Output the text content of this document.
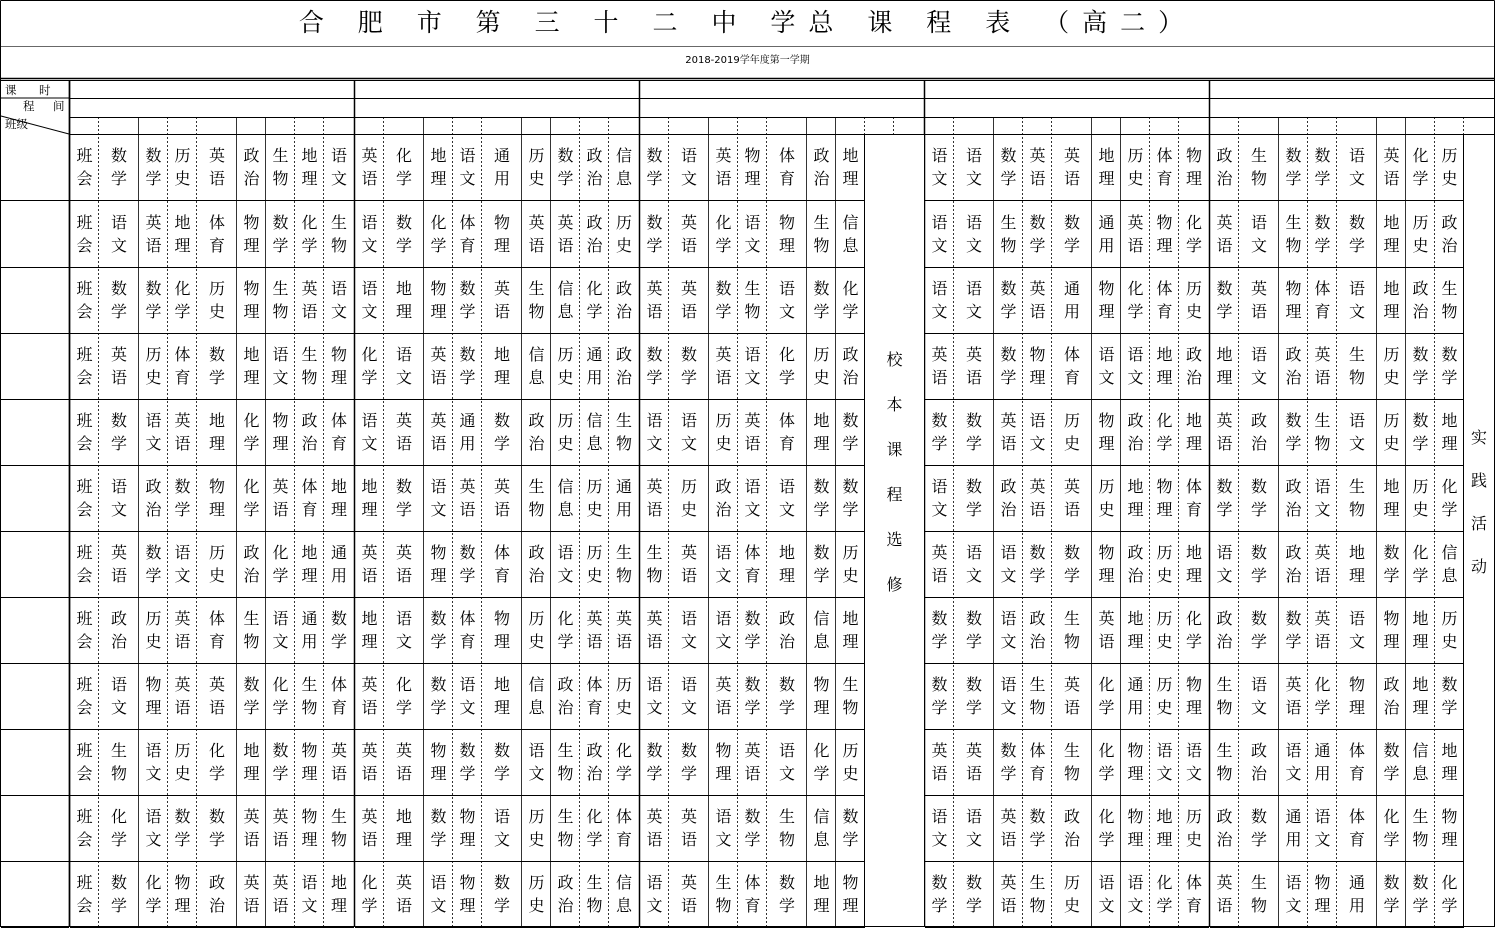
合 肥 市 第 三 十 二 中 学总 课 程 表 （高二）
2018-2019学年度第一学期
课 时
程 间
班级
班
会
数
学
数
学
历
史
英
语
政
治
生
物
地
理
语
文
英
语
化
学
地
理
语
文
通
用
历
史
数
学
政
治
信
息
数
学
语
文
英
语
物
理
体
育
政
治
地
理
语
文
语
文
数
学
英
语
英
语
地
理
历
史
体
育
物
理
政
治
生
物
数
学
数
学
语
文
英
语
化
学
历
史
班
会
语
文
英
语
地
理
体
育
物
理
数
学
化
学
生
物
语
文
数
学
化
学
体
育
物
理
英
语
英
语
政
治
历
史
数
学
英
语
化
学
语
文
物
理
生
物
信
息
语
文
语
文
生
物
数
学
数
学
通
用
英
语
物
理
化
学
英
语
语
文
生
物
数
学
数
学
地
理
历
史
政
治
班
会
数
学
数
学
化
学
历
史
物
理
生
物
英
语
语
文
语
文
地
理
物
理
数
学
英
语
生
物
信
息
化
学
政
治
英
语
英
语
数
学
生
物
语
文
数
学
化
学
语
文
语
文
数
学
英
语
通
用
物
理
化
学
体
育
历
史
数
学
英
语
物
理
体
育
语
文
地
理
政
治
生
物
班
会
英
语
历
史
体
育
数
学
地
理
语
文
生
物
物
理
化
学
语
文
英
语
数
学
地
理
信
息
历
史
通
用
政
治
数
学
数
学
英
语
语
文
化
学
历
史
政
治
英
语
英
语
数
学
物
理
体
育
语
文
语
文
地
理
政
治
地
理
语
文
政
治
英
语
生
物
历
史
数
学
数
学
班
会
数
学
语
文
英
语
地
理
化
学
物
理
政
治
体
育
语
文
英
语
英
语
通
用
数
学
政
治
历
史
信
息
生
物
语
文
语
文
历
史
英
语
体
育
地
理
数
学
数
学
数
学
英
语
语
文
历
史
物
理
政
治
化
学
地
理
英
语
政
治
数
学
生
物
语
文
历
史
数
学
地
理
班
会
语
文
政
治
数
学
物
理
化
学
英
语
体
育
地
理
地
理
数
学
语
文
英
语
英
语
生
物
信
息
历
史
通
用
英
语
历
史
政
治
语
文
语
文
数
学
数
学
语
文
数
学
政
治
英
语
英
语
历
史
地
理
物
理
体
育
数
学
数
学
政
治
语
文
生
物
地
理
历
史
化
学
班
会
英
语
数
学
语
文
历
史
政
治
化
学
地
理
通
用
英
语
英
语
物
理
数
学
体
育
政
治
语
文
历
史
生
物
生
物
英
语
语
文
体
育
地
理
数
学
历
史
英
语
语
文
语
文
数
学
数
学
物
理
政
治
历
史
地
理
语
文
数
学
政
治
英
语
地
理
数
学
化
学
信
息
班
会
政
治
历
史
英
语
体
育
生
物
语
文
通
用
数
学
地
理
语
文
数
学
体
育
物
理
历
史
化
学
英
语
英
语
英
语
语
文
语
文
数
学
政
治
信
息
地
理
数
学
数
学
语
文
政
治
生
物
英
语
地
理
历
史
化
学
政
治
数
学
数
学
英
语
语
文
物
理
地
理
历
史
班
会
语
文
物
理
英
语
英
语
数
学
化
学
生
物
体
育
英
语
化
学
数
学
语
文
地
理
信
息
政
治
体
育
历
史
语
文
语
文
英
语
数
学
数
学
物
理
生
物
数
学
数
学
语
文
生
物
英
语
化
学
通
用
历
史
物
理
生
物
语
文
英
语
化
学
物
理
政
治
地
理
数
学
班
会
生
物
语
文
历
史
化
学
地
理
数
学
物
理
英
语
英
语
英
语
物
理
数
学
数
学
语
文
生
物
政
治
化
学
数
学
数
学
物
理
英
语
语
文
化
学
历
史
英
语
英
语
数
学
体
育
生
物
化
学
物
理
语
文
语
文
生
物
政
治
语
文
通
用
体
育
数
学
信
息
地
理
班
会
化
学
语
文
数
学
数
学
英
语
英
语
物
理
生
物
英
语
地
理
数
学
物
理
语
文
历
史
生
物
化
学
体
育
英
语
英
语
语
文
数
学
生
物
信
息
数
学
语
文
语
文
英
语
数
学
政
治
化
学
物
理
地
理
历
史
政
治
数
学
通
用
语
文
体
育
化
学
生
物
物
理
班
会
数
学
化
学
物
理
政
治
英
语
英
语
语
文
地
理
化
学
英
语
语
文
物
理
数
学
历
史
政
治
生
物
信
息
语
文
英
语
生
物
体
育
数
学
地
理
物
理
数
学
数
学
英
语
生
物
历
史
语
文
语
文
化
学
体
育
英
语
生
物
语
文
物
理
通
用
数
学
数
学
化
学
校
本
课
程
选
修
实
践
活
动
